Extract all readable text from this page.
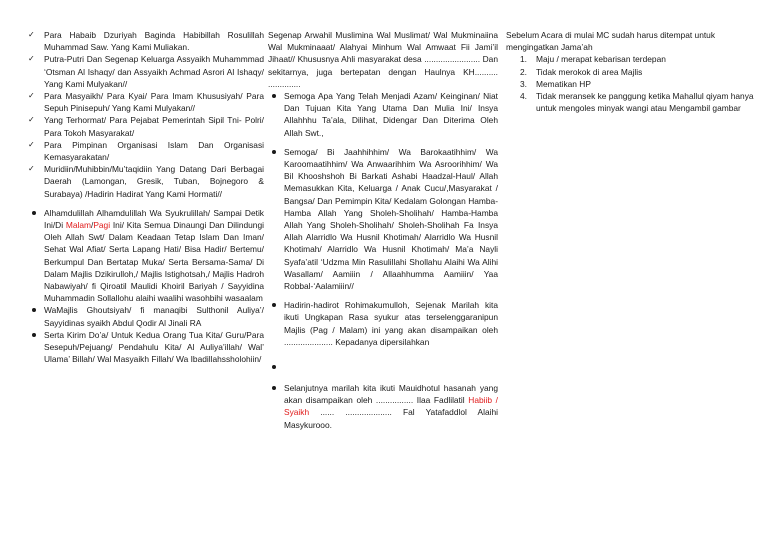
✓ Para Habaib Dzuriyah Baginda Habibillah Rosulillah Muhammad Saw. Yang Kami Muliakan.
✓ Putra-Putri Dan Segenap Keluarga Assyaikh Muhammmad ‘Otsman Al Ishaqy/ dan Assyaikh Achmad Asrori Al Ishaqy/ Yang Kami Mulyakan//
✓ Para Masyaikh/ Para Kyai/ Para Imam Khususiyah/ Para Sepuh Pinisepuh/ Yang Kami Mulyakan//
✓ Yang Terhormat/ Para Pejabat Pemerintah Sipil Tni- Polri/ Para Tokoh Masyarakat/
✓ Para Pimpinan Organisasi Islam Dan Organisasi Kemasyarakatan/
✓ Muridiin/Muhibbin/Mu’taqidiin Yang Datang Dari Berbagai Daerah (Lamongan, Gresik, Tuban, Bojnegoro & Surabaya) /Hadirin Hadirat Yang Kami Hormati//
Alhamdulillah Alhamdulillah Wa Syukrulillah/ Sampai Detik Ini/Di Malam/Pagi Ini/ Kita Semua Dinaungi Dan Dilindungi Oleh Allah Swt/ Dalam Keadaan Tetap Islam Dan Iman/ Sehat Wal Afiat/ Serta Lapang Hati/ Bisa Hadir/ Bertemu/ Berkumpul Dan Bertatap Muka/ Serta Bersama-Sama/ Di Dalam Majlis Dzikirulloh,/ Majlis Istighotsah,/ Majlis Hadroh Nabawiyah/ fi Qiroatil Maulidi Khoiril Bariyah / Sayyidina Muhammadin Sollallohu alaihi waalihi wasohbihi wasaalam
WaMajlis Ghoutsiyah/ fi manaqibi Sulthonil Auliya’/ Sayyidinas syaikh Abdul Qodir Al Jinali RA
Serta Kirim Do’a/ Untuk Kedua Orang Tua Kita/ Guru/Para Sesepuh/Pejuang/ Pendahulu Kita/ Al Auliya’illah/ Wal’ Ulama’ Billah/ Wal Masyaikh Fillah/ Wa Ibadillahssholohiin/
Segenap Arwahil Muslimina Wal Muslimat/ Wal Mukminaiina Wal Mukminaaat/ Alahyai Minhum Wal Amwaat Fii Jami’il Jihaat// Khususnya Ahli masyarakat desa ........................ Dan sekitarnya, juga bertepatan dengan Haulnya KH.......... ..............
Semoga Apa Yang Telah Menjadi Azam/ Keinginan/ Niat Dan Tujuan Kita Yang Utama Dan Mulia Ini/ Insya Allahhhu Ta’ala, Dilihat, Didengar Dan Diterima Oleh Allah Swt.,
Semoga/ Bi Jaahhihhim/ Wa Barokaatihhim/ Wa Karoomaatihhim/ Wa Anwaarihhim Wa Asroorihhim/ Wa Bil Khooshshoh Bi Barkati Ashabi Haadzal-Haul/ Allah Memasukkan Kita, Keluarga / Anak Cucu/,Masyarakat / Bangsa/ Dan Pemimpin Kita/ Kedalam Golongan Hamba-Hamba Allah Yang Sholeh-Sholihah/ Hamba-Hamba Allah Yang Sholeh-Sholihah/ Sholeh-Sholihah Fa Insya Allah Alarridlo Wa Husnil Khotimah/ Alarridlo Wa Husnil Khotimah/ Alarridlo Wa Husnil Khotimah/ Ma’a Nayli Syafa’atil ‘Udzma Min Rasulillahi Shollahu Alaihi Wa Alihi Wasallam/ Aamiiin / Allaahhumma Aamiiin/ Yaa Robbal-‘Aalamiiin//
Hadirin-hadirot Rohimakumulloh, Sejenak Marilah kita ikuti Ungkapan Rasa syukur atas terselenggaranipun Majlis (Pag / Malam) ini yang akan disampaikan oleh ..................... Kepadanya dipersilahkan
Selanjutnya marilah kita ikuti Mauidhotul hasanah yang akan disampaikan oleh ................ Ilaa Fadlilatil Habiib / Syaikh ...... .................... Fal Yatafaddlol Alaihi Masykurooo.
Sebelum Acara di mulai MC sudah harus ditempat untuk mengingatkan Jama’ah
1. Maju / merapat kebarisan terdepan
2. Tidak merokok di area Majlis
3. Mematikan HP
4. Tidak meransek ke panggung ketika Mahallul qiyam hanya untuk mengoles minyak wangi atau Mengambil gambar
